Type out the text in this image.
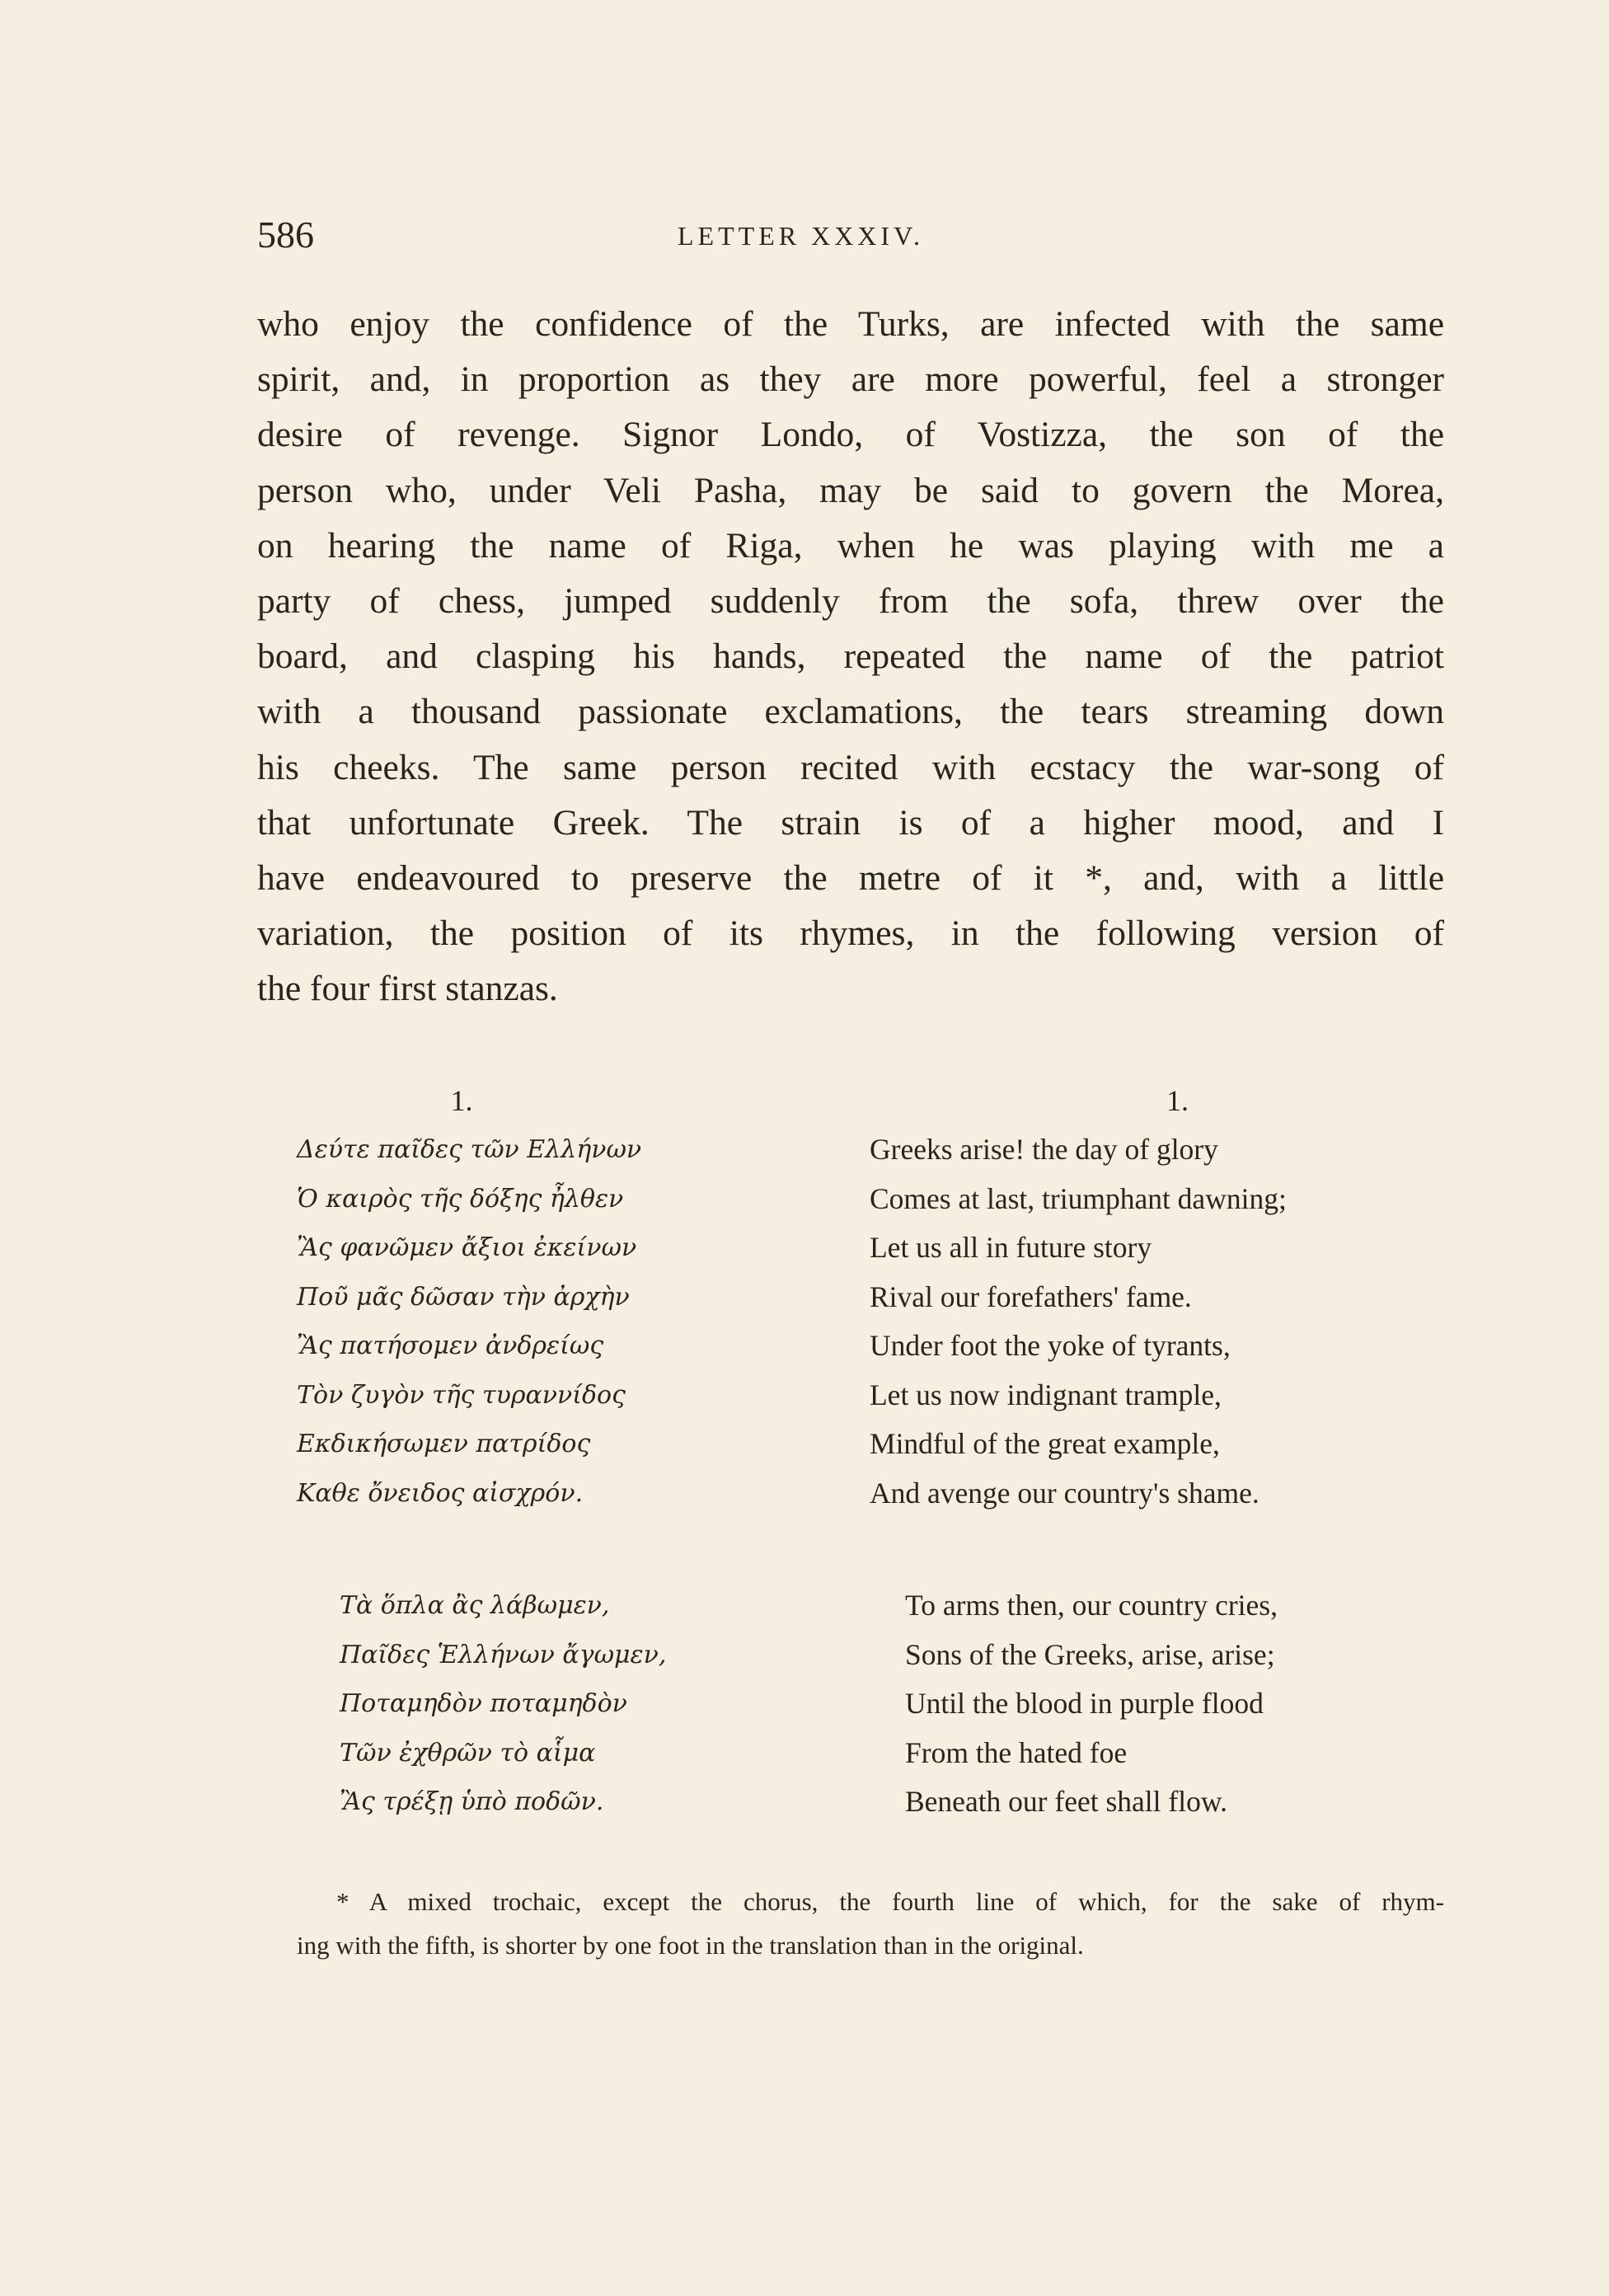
586	LETTER XXXIV.
who enjoy the confidence of the Turks, are infected with the same
spirit, and, in proportion as they are more powerful, feel a stronger
desire of revenge. Signor Londo, of Vostizza, the son of the
person who, under Veli Pasha, may be said to govern the Morea,
on hearing the name of Riga, when he was playing with me a
party of chess, jumped suddenly from the sofa, threw over the
board, and clasping his hands, repeated the name of the patriot
with a thousand passionate exclamations, the tears streaming down
his cheeks. The same person recited with ecstacy the war-song of
that unfortunate Greek. The strain is of a higher mood, and I
have endeavoured to preserve the metre of it *, and, with a little
variation, the position of its rhymes, in the following version of
the four first stanzas.
1.
Δεύτε παῖδες τῶν Ελλήνων
Ὁ καιρὸς τῆς δόξης ἦλθεν
Ἂς φανῶμεν ἄξιοι ἐκείνων
Ποῦ μᾶς δῶσαν τὴν ἀρχὴν
Ἂς πατήσομεν ἀνδρείως
Τὸν ζυγὸν τῆς τυραννίδος
Εκδικήσωμεν πατρίδος
Καθε ὄνειδος αἰσχρόν.
1.
Greeks arise! the day of glory
Comes at last, triumphant dawning;
Let us all in future story
Rival our forefathers' fame.
Under foot the yoke of tyrants,
Let us now indignant trample,
Mindful of the great example,
And avenge our country's shame.
Τὰ ὅπλα ἂς λάβωμεν,
Παῖδες Ἑλλήνων ἄγωμεν,
Ποταμηδὸν ποταμηδὸν
Τῶν ἐχθρῶν τὸ αἷμα
Ἂς τρέξῃ ὑπὸ ποδῶν.
To arms then, our country cries,
Sons of the Greeks, arise, arise;
Until the blood in purple flood
From the hated foe
Beneath our feet shall flow.
* A mixed trochaic, except the chorus, the fourth line of which, for the sake of rhym-
ing with the fifth, is shorter by one foot in the translation than in the original.
